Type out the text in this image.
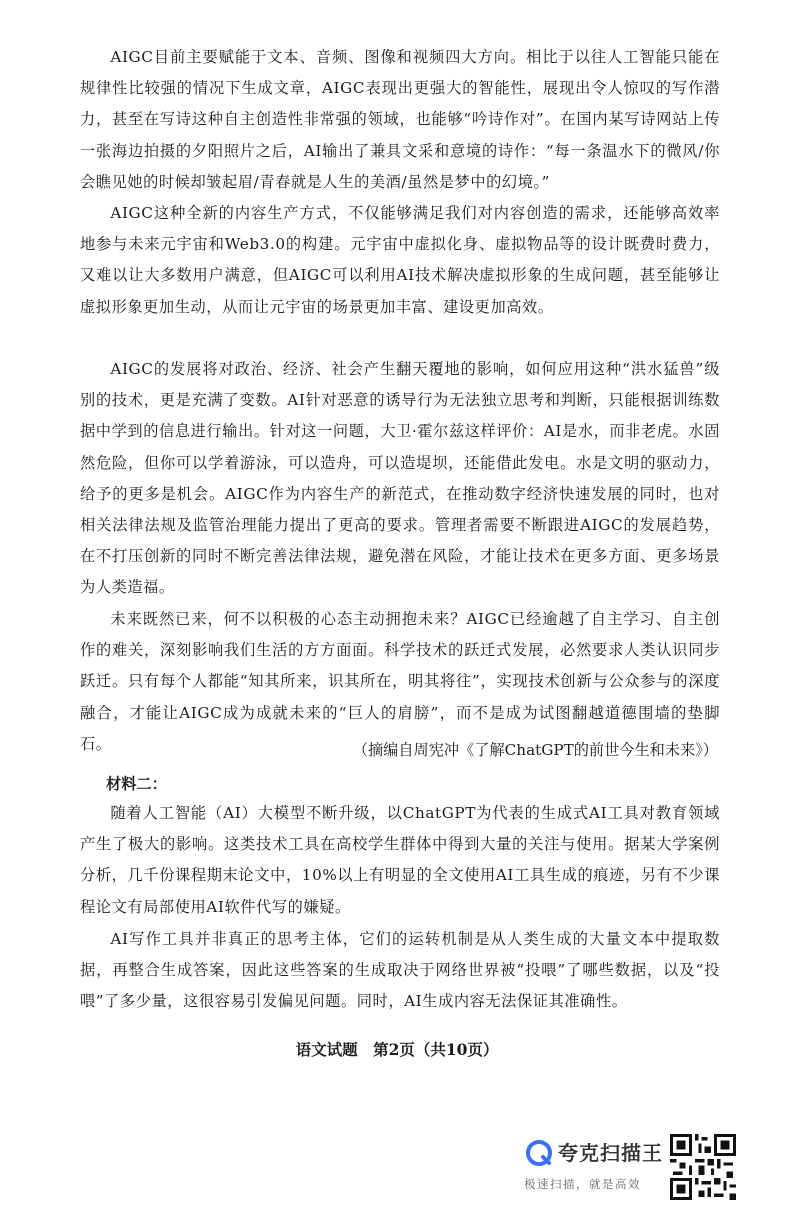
AIGC目前主要赋能于文本、音频、图像和视频四大方向。相比于以往人工智能只能在规律性比较强的情况下生成文章，AIGC表现出更强大的智能性，展现出令人惊叹的写作潜力，甚至在写诗这种自主创造性非常强的领域，也能够“吟诗作对”。在国内某写诗网站上传一张海边拍摄的夕阳照片之后，AI输出了兼具文采和意境的诗作：“每一条温水下的微风/你会瞧见她的时候却皱起眉/青春就是人生的美酒/虽然是梦中的幻境。”

AIGC这种全新的内容生产方式，不仅能够满足我们对内容创造的需求，还能够高效率地参与未来元宇宙和Web3.0的构建。元宇宙中虚拟化身、虚拟物品等的设计既费时费力，又难以让大多数用户满意，但AIGC可以利用AI技术解决虚拟形象的生成问题，甚至能够让虚拟形象更加生动，从而让元宇宙的场景更加丰富、建设更加高效。

AIGC的发展将对政治、经济、社会产生翻天覆地的影响，如何应用这种“洪水猛兽”级别的技术，更是充满了变数。AI针对恶意的诱导行为无法独立思考和判断，只能根据训练数据中学到的信息进行输出。针对这一问题，大卫·霍尔兹这样评价：AI是水，而非老虎。水固然危险，但你可以学着游泳，可以造舟，可以造堤坝，还能借此发电。水是文明的驱动力，给予的更多是机会。AIGC作为内容生产的新范式，在推动数字经济快速发展的同时，也对相关法律法规及监管治理能力提出了更高的要求。管理者需要不断跟进AIGC的发展趋势，在不打压创新的同时不断完善法律法规，避免潜在风险，才能让技术在更多方面、更多场景为人类造福。

未来既然已来，何不以积极的心态主动拥抱未来？AIGC已经逾越了自主学习、自主创作的难关，深刻影响我们生活的方方面面。科学技术的跃迁式发展，必然要求人类认识同步跃迁。只有每个人都能“知其所来，识其所在，明其将往”，实现技术创新与公众参与的深度融合，才能让AIGC成为成就未来的“巨人的肩膀”，而不是成为试图翻越道德围墙的垫脚石。	（摘编自周宪冲《了解ChatGPT的前世今生和未来》）

材料二：

随着人工智能（AI）大模型不断升级，以ChatGPT为代表的生成式AI工具对教育领域产生了极大的影响。这类技术工具在高校学生群体中得到大量的关注与使用。据某大学案例分析，几千份课程期末论文中，10%以上有明显的全文使用AI工具生成的痕迹，另有不少课程论文有局部使用AI软件代写的嫌疑。

AI写作工具并非真正的思考主体，它们的运转机制是从人类生成的大量文本中提取数据，再整合生成答案，因此这些答案的生成取决于网络世界被“投喂”了哪些数据，以及“投喂”了多少量，这很容易引发偏见问题。同时，AI生成内容无法保证其准确性。

语文试题　第2页（共10页）

夸克扫描王
极速扫描，就是高效
